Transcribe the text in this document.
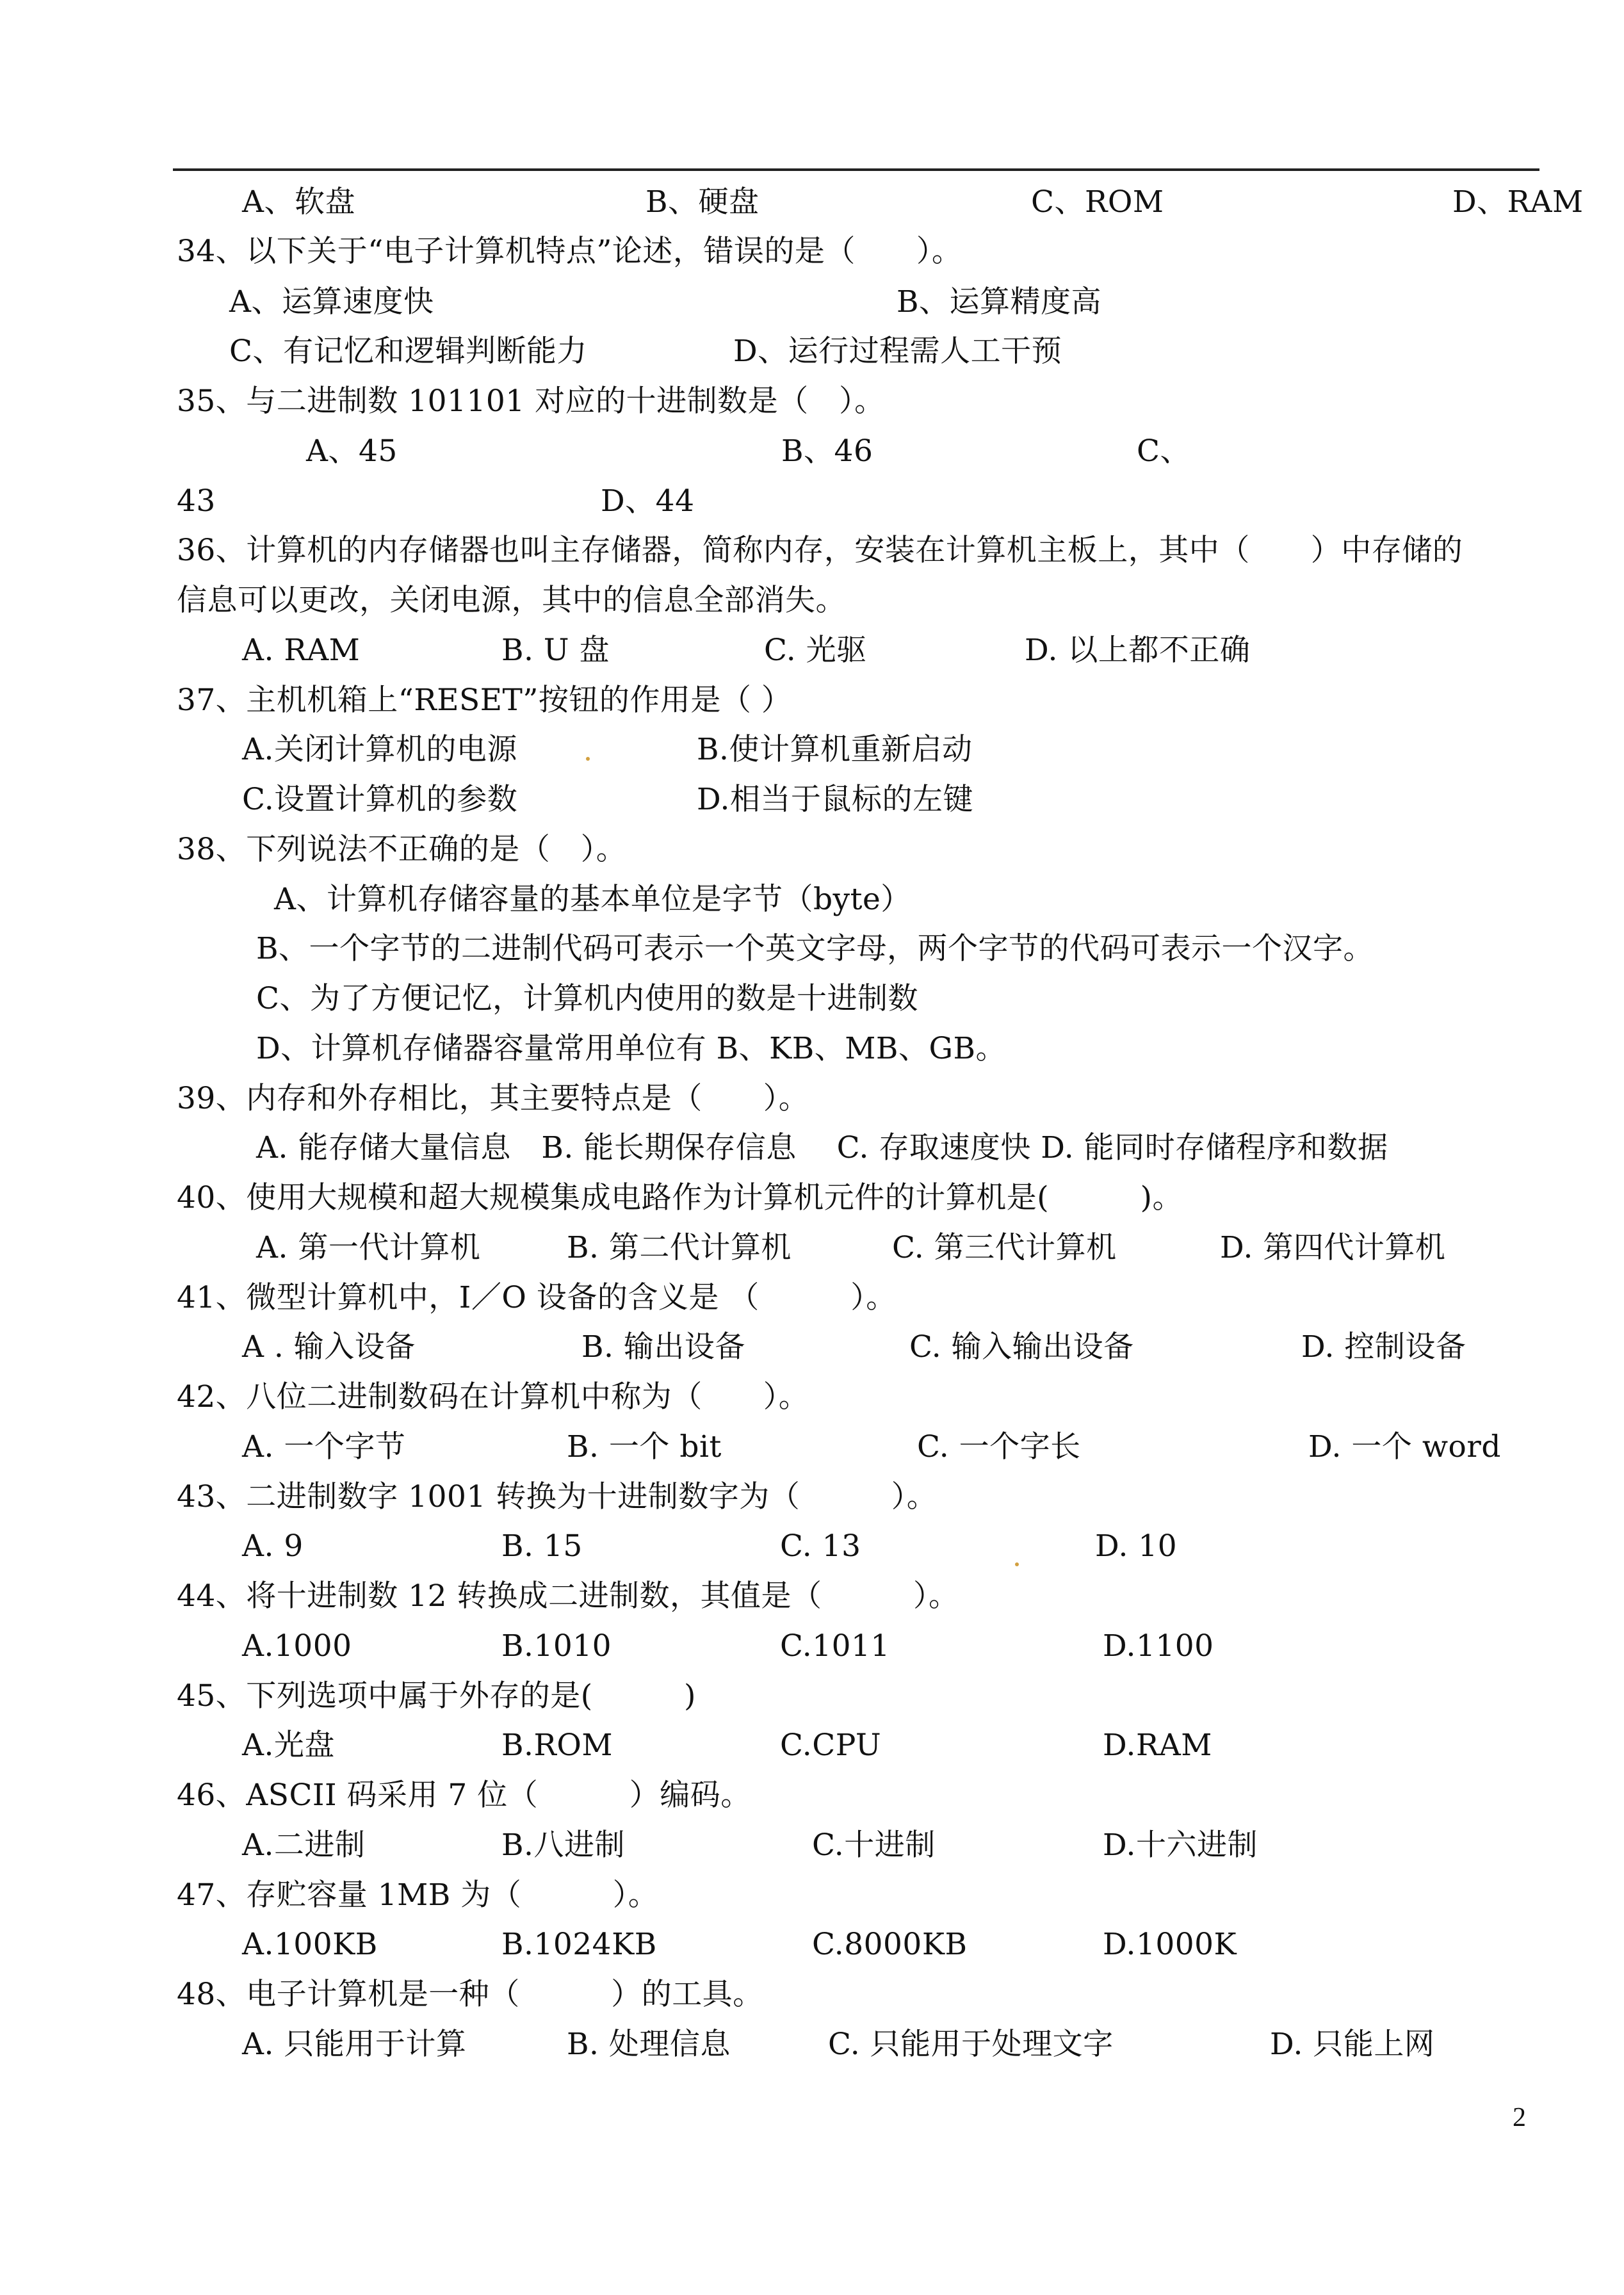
A、软盘	B、硬盘	C、ROM	D、RAM
34、以下关于“电子计算机特点”论述，错误的是（　　）。
A、运算速度快	B、运算精度高
C、有记忆和逻辑判断能力	D、运行过程需人工干预
35、与二进制数 101101 对应的十进制数是（　）。
A、45	B、46	C、
43	D、44
36、计算机的内存储器也叫主存储器，简称内存，安装在计算机主板上，其中（　　）中存储的
信息可以更改，关闭电源，其中的信息全部消失。
A. RAM	B. U 盘	C. 光驱	D. 以上都不正确
37、主机机箱上“RESET”按钮的作用是（ ）
A.关闭计算机的电源	B.使计算机重新启动
C.设置计算机的参数	D.相当于鼠标的左键
38、下列说法不正确的是（　）。
A、计算机存储容量的基本单位是字节（byte）
B、一个字节的二进制代码可表示一个英文字母，两个字节的代码可表示一个汉字。
C、为了方便记忆，计算机内使用的数是十进制数
D、计算机存储器容量常用单位有 B、KB、MB、GB。
39、内存和外存相比，其主要特点是（　　）。
A. 能存储大量信息　B. 能长期保存信息　 C. 存取速度快 D. 能同时存储程序和数据
40、使用大规模和超大规模集成电路作为计算机元件的计算机是(　　　)。
A. 第一代计算机	B. 第二代计算机	C. 第三代计算机	D. 第四代计算机
41、微型计算机中，I／O 设备的含义是 （　　　）。
A . 输入设备	B. 输出设备	C. 输入输出设备	D. 控制设备
42、八位二进制数码在计算机中称为（　　）。
A. 一个字节	B. 一个 bit	C. 一个字长	D. 一个 word
43、二进制数字 1001 转换为十进制数字为（　　　）。
A. 9	B. 15	C. 13	D. 10
44、将十进制数 12 转换成二进制数，其值是（　　　）。
A.1000	B.1010	C.1011	D.1100
45、下列选项中属于外存的是(　　　)
A.光盘	B.ROM	C.CPU	D.RAM
46、ASCII 码采用 7 位（　　　）编码。
A.二进制	B.八进制	C.十进制	D.十六进制
47、存贮容量 1MB 为（　　　）。
A.100KB	B.1024KB	C.8000KB	D.1000K
48、电子计算机是一种（　　　）的工具。
A. 只能用于计算	B. 处理信息	C. 只能用于处理文字	D. 只能上网
2
